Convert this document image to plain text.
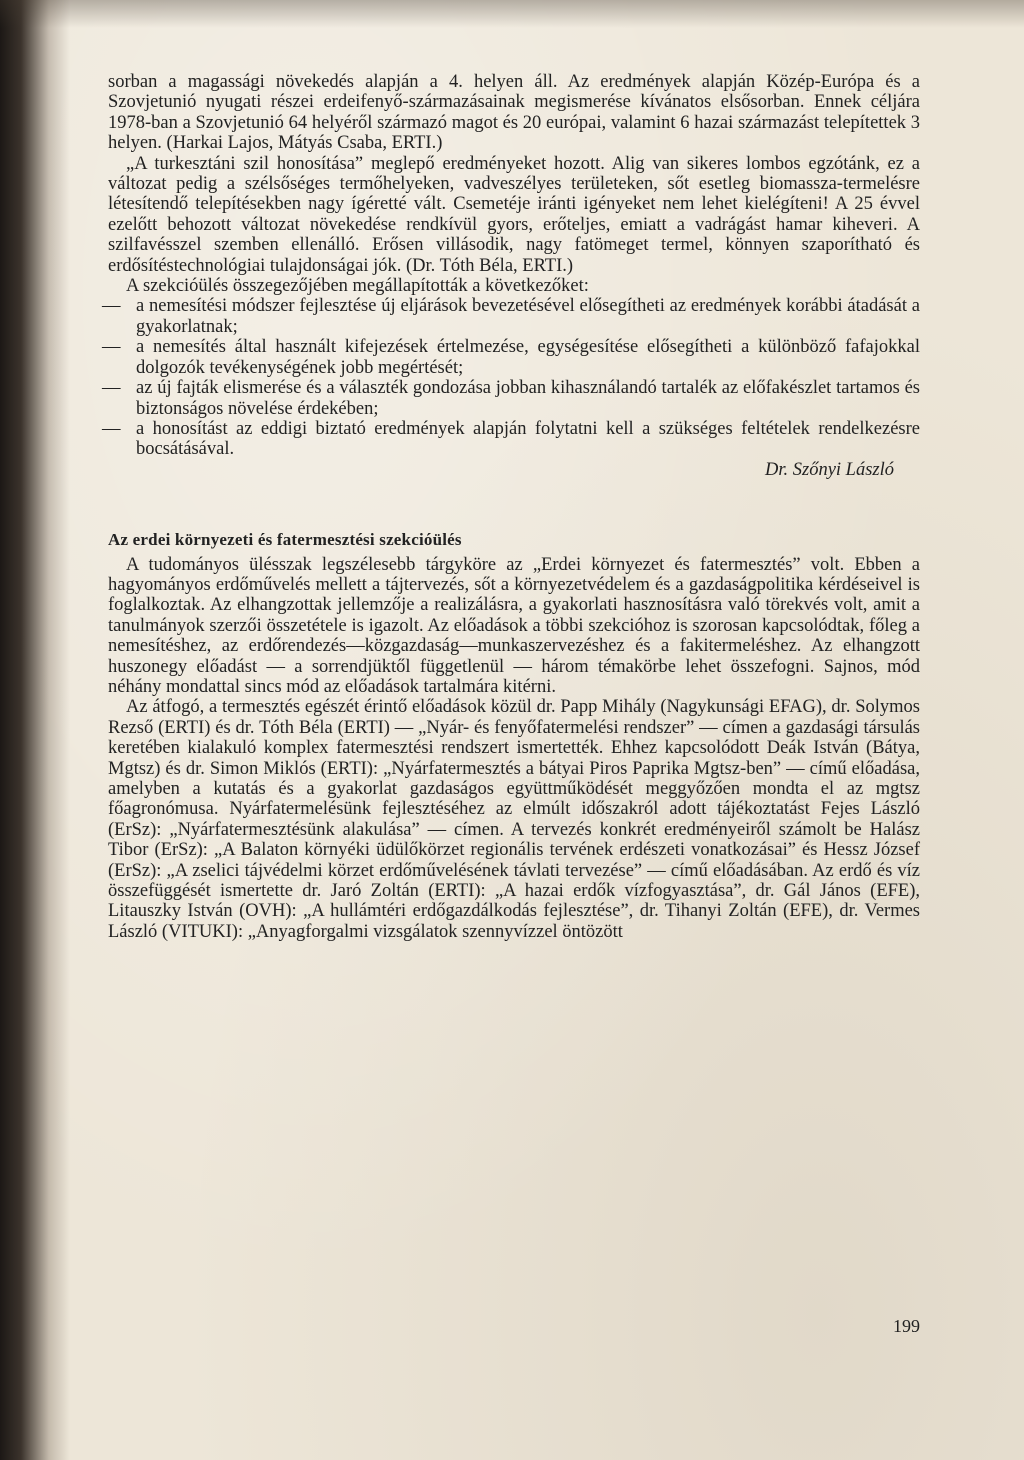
sorban a magassági növekedés alapján a 4. helyen áll. Az eredmények alapján Közép-Európa és a Szovjetunió nyugati részei erdeifenyő-származásainak megismerése kívánatos elsősorban. Ennek céljára 1978-ban a Szovjetunió 64 helyéről származó magot és 20 európai, valamint 6 hazai származást telepítettek 3 helyen. (Harkai Lajos, Mátyás Csaba, ERTI.)

„A turkesztáni szil honosítása” meglepő eredményeket hozott. Alig van sikeres lombos egzótánk, ez a változat pedig a szélsőséges termőhelyeken, vadveszélyes területeken, sőt esetleg biomassza-termelésre létesítendő telepítésekben nagy ígéretté vált. Csemetéje iránti igényeket nem lehet kielégíteni! A 25 évvel ezelőtt behozott változat növekedése rendkívül gyors, erőteljes, emiatt a vadrágást hamar kiheveri. A szilfavésszel szemben ellenálló. Erősen villásodik, nagy fatömeget termel, könnyen szaporítható és erdősítéstechnológiai tulajdonságai jók. (Dr. Tóth Béla, ERTI.)

A szekcióülés összegezőjében megállapították a következőket:

— a nemesítési módszer fejlesztése új eljárások bevezetésével elősegítheti az eredmények korábbi átadását a gyakorlatnak;
— a nemesítés által használt kifejezések értelmezése, egységesítése elősegítheti a különböző fafajokkal dolgozók tevékenységének jobb megértését;
— az új fajták elismerése és a választék gondozása jobban kihasználandó tartalék az előfakészlet tartamos és biztonságos növelése érdekében;
— a honosítást az eddigi biztató eredmények alapján folytatni kell a szükséges feltételek rendelkezésre bocsátásával.

Dr. Szőnyi László

Az erdei környezeti és fatermesztési szekcióülés

A tudományos ülésszak legszélesebb tárgyköre az „Erdei környezet és fatermesztés” volt. Ebben a hagyományos erdőművelés mellett a tájtervezés, sőt a környezetvédelem és a gazdaságpolitika kérdéseivel is foglalkoztak. Az elhangzottak jellemzője a realizálásra, a gyakorlati hasznosításra való törekvés volt, amit a tanulmányok szerzői összetétele is igazolt. Az előadások a többi szekcióhoz is szorosan kapcsolódtak, főleg a nemesítéshez, az erdőrendezés—közgazdaság—munkaszervezéshez és a fakitermeléshez. Az elhangzott huszonegy előadást — a sorrendjüktől függetlenül — három témakörbe lehet összefogni. Sajnos, mód néhány mondattal sincs mód az előadások tartalmára kitérni.

Az átfogó, a termesztés egészét érintő előadások közül dr. Papp Mihály (Nagykunsági EFAG), dr. Solymos Rezső (ERTI) és dr. Tóth Béla (ERTI) — „Nyár- és fenyőfatermelési rendszer” — címen a gazdasági társulás keretében kialakuló komplex fatermesztési rendszert ismertették. Ehhez kapcsolódott Deák István (Bátya, Mgtsz) és dr. Simon Miklós (ERTI): „Nyárfatermesztés a bátyai Piros Paprika Mgtsz-ben” — című előadása, amelyben a kutatás és a gyakorlat gazdaságos együttműködését meggyőzően mondta el az mgtsz főagronómusa. Nyárfatermelésünk fejlesztéséhez az elmúlt időszakról adott tájékoztatást Fejes László (ErSz): „Nyárfatermesztésünk alakulása” — címen. A tervezés konkrét eredményeiről számolt be Halász Tibor (ErSz): „A Balaton környéki üdülőkörzet regionális tervének erdészeti vonatkozásai” és Hessz József (ErSz): „A zselici tájvédelmi körzet erdőművelésének távlati tervezése” — című előadásában. Az erdő és víz összefüggését ismertette dr. Jaró Zoltán (ERTI): „A hazai erdők vízfogyasztása”, dr. Gál János (EFE), Litauszky István (OVH): „A hullámtéri erdőgazdálkodás fejlesztése”, dr. Tihanyi Zoltán (EFE), dr. Vermes László (VITUKI): „Anyagforgalmi vizsgálatok szennyvízzel öntözött

199
